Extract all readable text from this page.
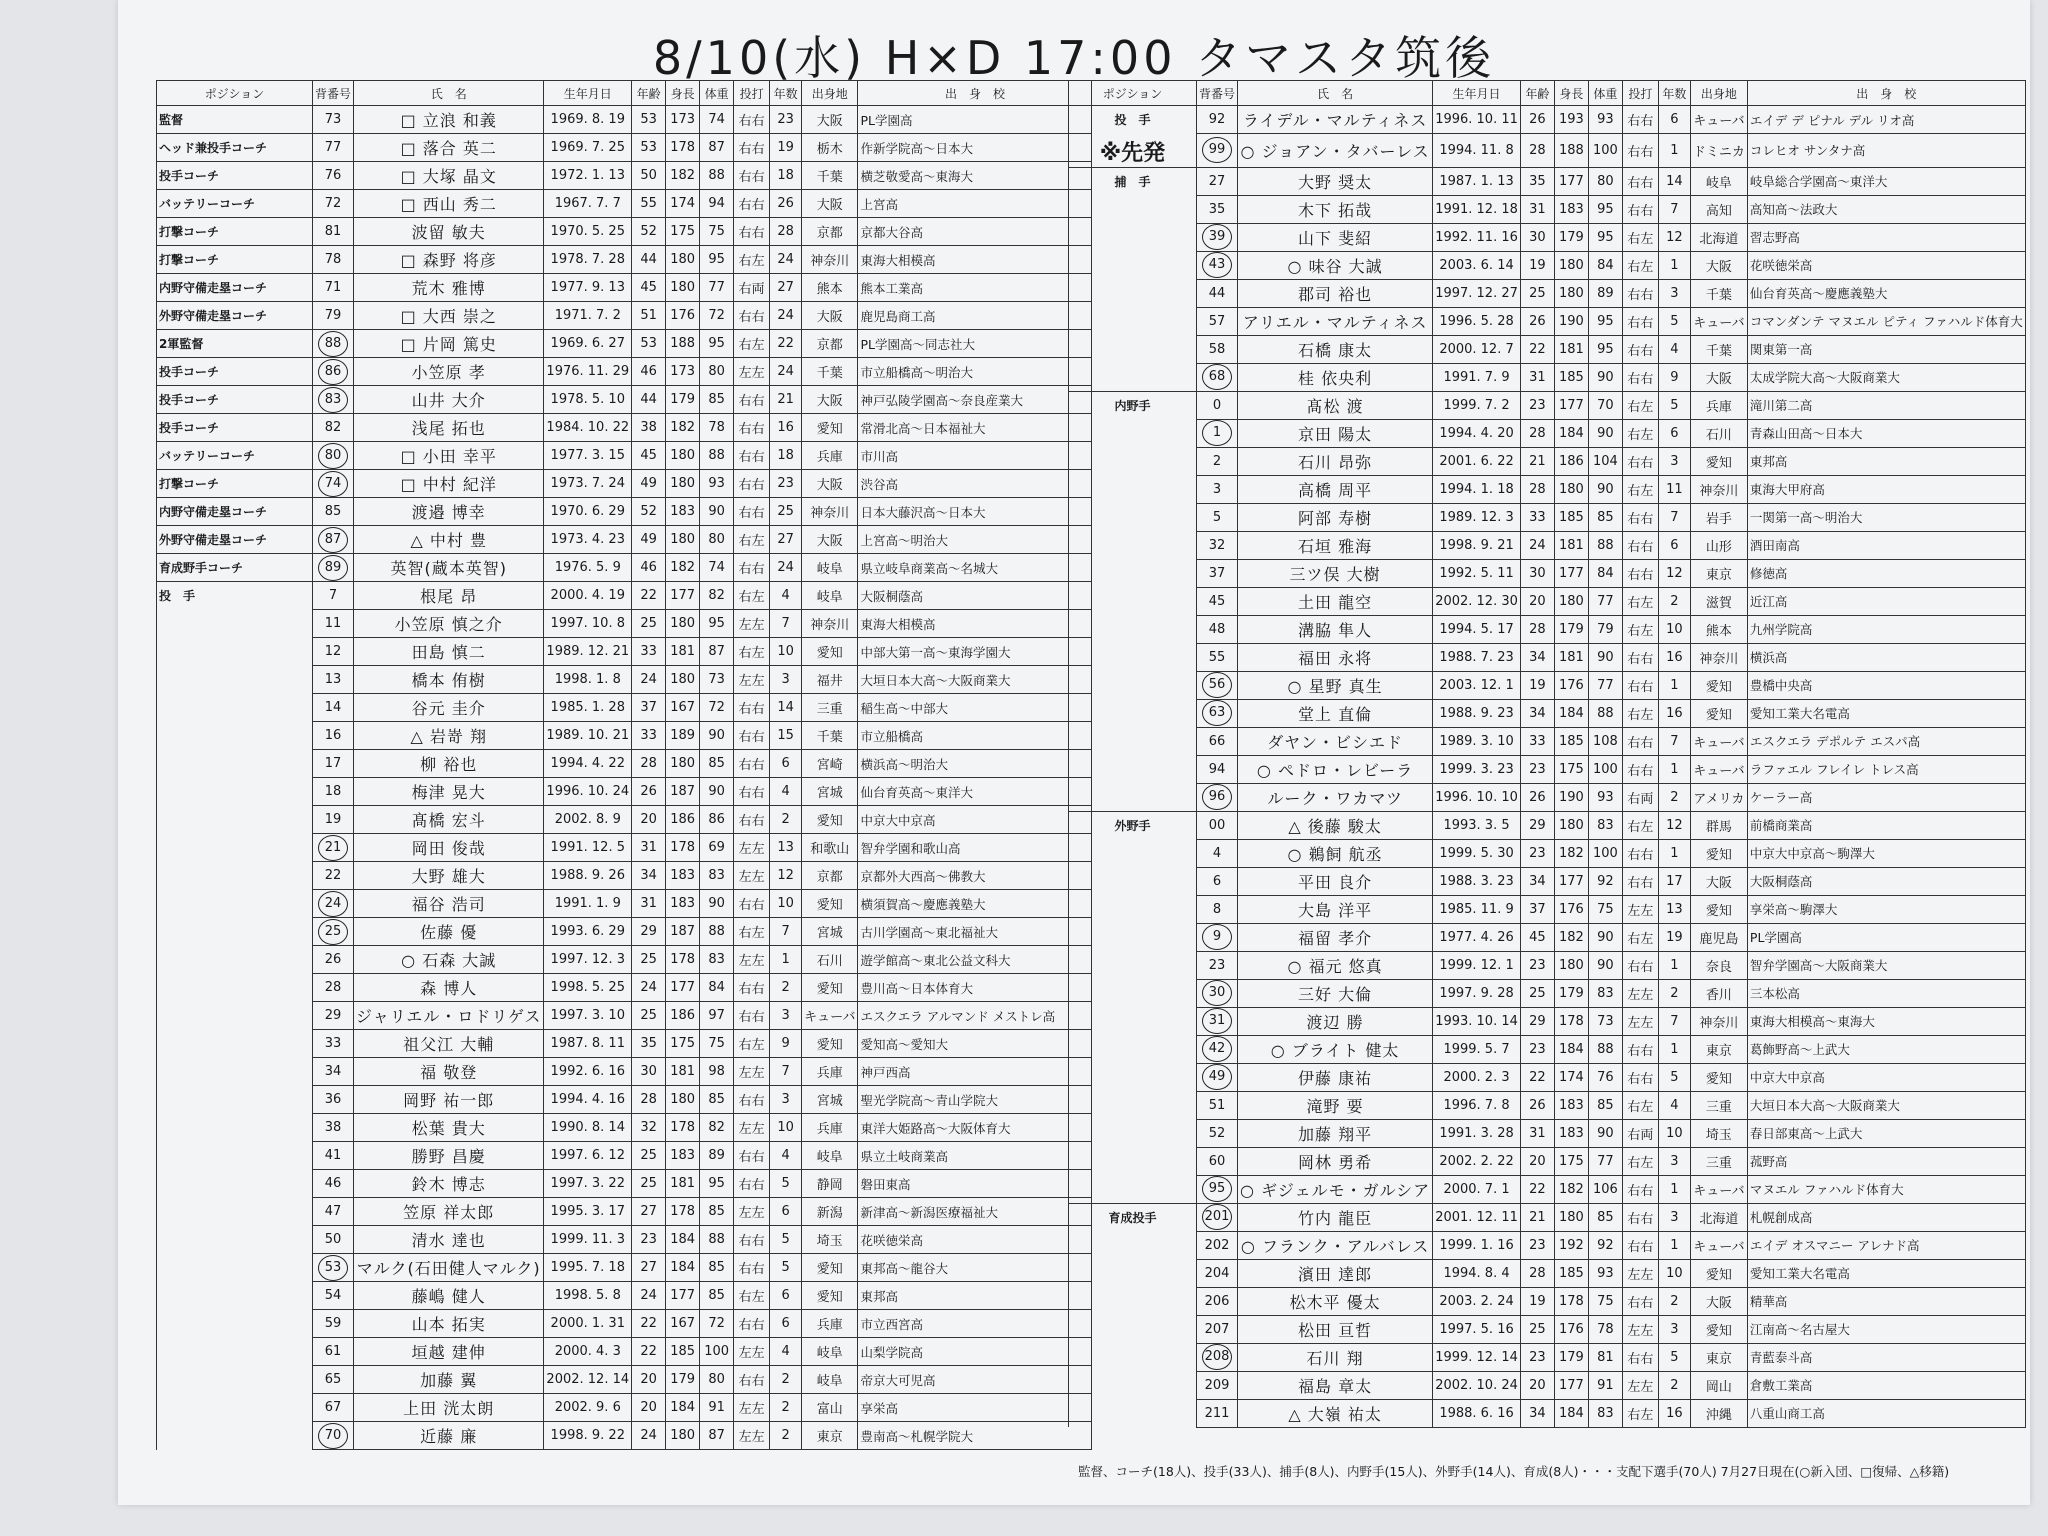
8/10(水) H×D 17:00 タマスタ筑後
ポジション	背番号	氏　名	生年月日	年齢	身長	体重	投打	年数	出身地	出　身　校
監督	73	□ 立浪 和義	1969. 8. 19	53	173	74	右右	23	大阪	PL学園高
ヘッド兼投手コーチ	77	□ 落合 英二	1969. 7. 25	53	178	87	右右	19	栃木	作新学院高～日本大
投手コーチ	76	□ 大塚 晶文	1972. 1. 13	50	182	88	右右	18	千葉	横芝敬愛高～東海大
バッテリーコーチ	72	□ 西山 秀二	1967. 7. 7	55	174	94	右右	26	大阪	上宮高
打撃コーチ	81	波留 敏夫	1970. 5. 25	52	175	75	右右	28	京都	京都大谷高
打撃コーチ	78	□ 森野 将彦	1978. 7. 28	44	180	95	右左	24	神奈川	東海大相模高
内野守備走塁コーチ	71	荒木 雅博	1977. 9. 13	45	180	77	右両	27	熊本	熊本工業高
外野守備走塁コーチ	79	□ 大西 崇之	1971. 7. 2	51	176	72	右右	24	大阪	鹿児島商工高
2軍監督	88	□ 片岡 篤史	1969. 6. 27	53	188	95	右左	22	京都	PL学園高～同志社大
投手コーチ	86	小笠原 孝	1976. 11. 29	46	173	80	左左	24	千葉	市立船橋高～明治大
投手コーチ	83	山井 大介	1978. 5. 10	44	179	85	右右	21	大阪	神戸弘陵学園高～奈良産業大
投手コーチ	82	浅尾 拓也	1984. 10. 22	38	182	78	右右	16	愛知	常滑北高～日本福祉大
バッテリーコーチ	80	□ 小田 幸平	1977. 3. 15	45	180	88	右右	18	兵庫	市川高
打撃コーチ	74	□ 中村 紀洋	1973. 7. 24	49	180	93	右右	23	大阪	渋谷高
内野守備走塁コーチ	85	渡邉 博幸	1970. 6. 29	52	183	90	右右	25	神奈川	日本大藤沢高～日本大
外野守備走塁コーチ	87	△ 中村 豊	1973. 4. 23	49	180	80	右左	27	大阪	上宮高～明治大
育成野手コーチ	89	英智(蔵本英智)	1976. 5. 9	46	182	74	右右	24	岐阜	県立岐阜商業高～名城大
投　手	7	根尾 昂	2000. 4. 19	22	177	82	右左	4	岐阜	大阪桐蔭高
	11	小笠原 慎之介	1997. 10. 8	25	180	95	左左	7	神奈川	東海大相模高
	12	田島 慎二	1989. 12. 21	33	181	87	右左	10	愛知	中部大第一高～東海学園大
	13	橋本 侑樹	1998. 1. 8	24	180	73	左左	3	福井	大垣日本大高～大阪商業大
	14	谷元 圭介	1985. 1. 28	37	167	72	右右	14	三重	稲生高～中部大
	16	△ 岩嵜 翔	1989. 10. 21	33	189	90	右右	15	千葉	市立船橋高
	17	柳 裕也	1994. 4. 22	28	180	85	右右	6	宮崎	横浜高～明治大
	18	梅津 晃大	1996. 10. 24	26	187	90	右右	4	宮城	仙台育英高～東洋大
	19	髙橋 宏斗	2002. 8. 9	20	186	86	右右	2	愛知	中京大中京高
	21	岡田 俊哉	1991. 12. 5	31	178	69	左左	13	和歌山	智弁学園和歌山高
	22	大野 雄大	1988. 9. 26	34	183	83	左左	12	京都	京都外大西高～佛教大
	24	福谷 浩司	1991. 1. 9	31	183	90	右右	10	愛知	横須賀高～慶應義塾大
	25	佐藤 優	1993. 6. 29	29	187	88	右左	7	宮城	古川学園高～東北福祉大
	26	○ 石森 大誠	1997. 12. 3	25	178	83	左左	1	石川	遊学館高～東北公益文科大
	28	森 博人	1998. 5. 25	24	177	84	右右	2	愛知	豊川高～日本体育大
	29	ジャリエル・ロドリゲス	1997. 3. 10	25	186	97	右右	3	キューバ	エスクエラ アルマンド メストレ高
	33	祖父江 大輔	1987. 8. 11	35	175	75	右左	9	愛知	愛知高～愛知大
	34	福 敬登	1992. 6. 16	30	181	98	左左	7	兵庫	神戸西高
	36	岡野 祐一郎	1994. 4. 16	28	180	85	右右	3	宮城	聖光学院高～青山学院大
	38	松葉 貴大	1990. 8. 14	32	178	82	左左	10	兵庫	東洋大姫路高～大阪体育大
	41	勝野 昌慶	1997. 6. 12	25	183	89	右右	4	岐阜	県立土岐商業高
	46	鈴木 博志	1997. 3. 22	25	181	95	右右	5	静岡	磐田東高
	47	笠原 祥太郎	1995. 3. 17	27	178	85	左左	6	新潟	新津高～新潟医療福祉大
	50	清水 達也	1999. 11. 3	23	184	88	右右	5	埼玉	花咲徳栄高
	53	マルク(石田健人マルク)	1995. 7. 18	27	184	85	右右	5	愛知	東邦高～龍谷大
	54	藤嶋 健人	1998. 5. 8	24	177	85	右左	6	愛知	東邦高
	59	山本 拓実	2000. 1. 31	22	167	72	右右	6	兵庫	市立西宮高
	61	垣越 建伸	2000. 4. 3	22	185	100	左左	4	岐阜	山梨学院高
	65	加藤 翼	2002. 12. 14	20	179	80	右右	2	岐阜	帝京大可児高
	67	上田 洸太朗	2002. 9. 6	20	184	91	左左	2	富山	享栄高
	70	近藤 廉	1998. 9. 22	24	180	87	左左	2	東京	豊南高～札幌学院大
ポジション	背番号	氏　名	生年月日	年齢	身長	体重	投打	年数	出身地	出　身　校
投　手	92	ライデル・マルティネス	1996. 10. 11	26	193	93	右右	6	キューバ	エイデ デ ピナル デル リオ高

※先発	99	○ ジョアン・タバーレス	1994. 11. 8	28	188	100	右右	1	ドミニカ	コレヒオ サンタナ高
捕　手	27	大野 奨太	1987. 1. 13	35	177	80	右右	14	岐阜	岐阜総合学園高～東洋大
	35	木下 拓哉	1991. 12. 18	31	183	95	右右	7	高知	高知高～法政大
	39	山下 斐紹	1992. 11. 16	30	179	95	右左	12	北海道	習志野高
	43	○ 味谷 大誠	2003. 6. 14	19	180	84	右左	1	大阪	花咲徳栄高
	44	郡司 裕也	1997. 12. 27	25	180	89	右右	3	千葉	仙台育英高～慶應義塾大
	57	アリエル・マルティネス	1996. 5. 28	26	190	95	右右	5	キューバ	コマンダンテ マヌエル ピティ ファハルド体育大
	58	石橋 康太	2000. 12. 7	22	181	95	右右	4	千葉	関東第一高
	68	桂 依央利	1991. 7. 9	31	185	90	右右	9	大阪	太成学院大高～大阪商業大
内野手	0	髙松 渡	1999. 7. 2	23	177	70	右左	5	兵庫	滝川第二高
	1	京田 陽太	1994. 4. 20	28	184	90	右左	6	石川	青森山田高～日本大
	2	石川 昂弥	2001. 6. 22	21	186	104	右右	3	愛知	東邦高
	3	高橋 周平	1994. 1. 18	28	180	90	右左	11	神奈川	東海大甲府高
	5	阿部 寿樹	1989. 12. 3	33	185	85	右右	7	岩手	一関第一高～明治大
	32	石垣 雅海	1998. 9. 21	24	181	88	右右	6	山形	酒田南高
	37	三ツ俣 大樹	1992. 5. 11	30	177	84	右右	12	東京	修徳高
	45	土田 龍空	2002. 12. 30	20	180	77	右左	2	滋賀	近江高
	48	溝脇 隼人	1994. 5. 17	28	179	79	右左	10	熊本	九州学院高
	55	福田 永将	1988. 7. 23	34	181	90	右右	16	神奈川	横浜高
	56	○ 星野 真生	2003. 12. 1	19	176	77	右右	1	愛知	豊橋中央高
	63	堂上 直倫	1988. 9. 23	34	184	88	右左	16	愛知	愛知工業大名電高
	66	ダヤン・ビシエド	1989. 3. 10	33	185	108	右右	7	キューバ	エスクエラ デポルテ エスパ高
	94	○ ペドロ・レビーラ	1999. 3. 23	23	175	100	右右	1	キューバ	ラファエル フレイレ トレス高
	96	ルーク・ワカマツ	1996. 10. 10	26	190	93	右両	2	アメリカ	ケーラー高
外野手	00	△ 後藤 駿太	1993. 3. 5	29	180	83	右左	12	群馬	前橋商業高
	4	○ 鵜飼 航丞	1999. 5. 30	23	182	100	右右	1	愛知	中京大中京高～駒澤大
	6	平田 良介	1988. 3. 23	34	177	92	右右	17	大阪	大阪桐蔭高
	8	大島 洋平	1985. 11. 9	37	176	75	左左	13	愛知	享栄高～駒澤大
	9	福留 孝介	1977. 4. 26	45	182	90	右左	19	鹿児島	PL学園高
	23	○ 福元 悠真	1999. 12. 1	23	180	90	右右	1	奈良	智弁学園高～大阪商業大
	30	三好 大倫	1997. 9. 28	25	179	83	左左	2	香川	三本松高
	31	渡辺 勝	1993. 10. 14	29	178	73	左左	7	神奈川	東海大相模高～東海大
	42	○ ブライト 健太	1999. 5. 7	23	184	88	右右	1	東京	葛飾野高～上武大
	49	伊藤 康祐	2000. 2. 3	22	174	76	右右	5	愛知	中京大中京高
	51	滝野 要	1996. 7. 8	26	183	85	右左	4	三重	大垣日本大高～大阪商業大
	52	加藤 翔平	1991. 3. 28	31	183	90	右両	10	埼玉	春日部東高～上武大
	60	岡林 勇希	2002. 2. 22	20	175	77	右左	3	三重	菰野高
	95	○ ギジェルモ・ガルシア	2000. 7. 1	22	182	106	右右	1	キューバ	マヌエル ファハルド体育大
育成投手	201	竹内 龍臣	2001. 12. 11	21	180	85	右右	3	北海道	札幌創成高
	202	○ フランク・アルバレス	1999. 1. 16	23	192	92	右右	1	キューバ	エイデ オスマニー アレナド高
	204	濱田 達郎	1994. 8. 4	28	185	93	左左	10	愛知	愛知工業大名電高
	206	松木平 優太	2003. 2. 24	19	178	75	右右	2	大阪	精華高
	207	松田 亘哲	1997. 5. 16	25	176	78	左左	3	愛知	江南高～名古屋大
	208	石川 翔	1999. 12. 14	23	179	81	右右	5	東京	青藍泰斗高
	209	福島 章太	2002. 10. 24	20	177	91	左左	2	岡山	倉敷工業高
	211	△ 大嶺 祐太	1988. 6. 16	34	184	83	右左	16	沖縄	八重山商工高
監督、コーチ(18人)、投手(33人)、捕手(8人)、内野手(15人)、外野手(14人)、育成(8人)・・・支配下選手(70人) 7月27日現在(○新入団、□復帰、△移籍)
